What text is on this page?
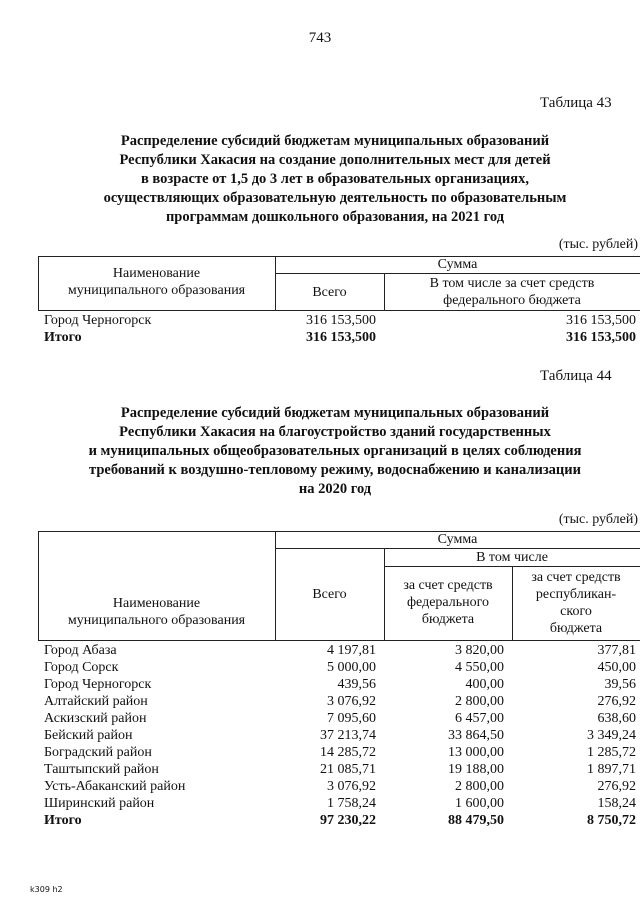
743
Таблица 43
Распределение субсидий бюджетам муниципальных образований
Республики Хакасия на создание дополнительных мест для детей
в возрасте от 1,5 до 3 лет в образовательных организациях,
осуществляющих образовательную деятельность по образовательным
программам дошкольного образования, на 2021 год
(тыс. рублей)
Наименование
муниципального образования
Сумма
Всего
В том числе за счет средств
федерального бюджета
Город Черногорск	316 153,500	316 153,500
Итого	316 153,500	316 153,500
Таблица 44
Распределение субсидий бюджетам муниципальных образований
Республики Хакасия на благоустройство зданий государственных
и муниципальных общеобразовательных организаций в целях соблюдения
требований к воздушно-тепловому режиму, водоснабжению и канализации
на 2020 год
(тыс. рублей)
Наименование
муниципального образования
Сумма
Всего
В том числе
за счет средств
федерального
бюджета
за счет средств
республикан-
ского
бюджета
Город Абаза	4 197,81	3 820,00	377,81
Город Сорск	5 000,00	4 550,00	450,00
Город Черногорск	439,56	400,00	39,56
Алтайский район	3 076,92	2 800,00	276,92
Аскизский район	7 095,60	6 457,00	638,60
Бейский район	37 213,74	33 864,50	3 349,24
Боградский район	14 285,72	13 000,00	1 285,72
Таштыпский район	21 085,71	19 188,00	1 897,71
Усть-Абаканский район	3 076,92	2 800,00	276,92
Ширинский район	1 758,24	1 600,00	158,24
Итого	97 230,22	88 479,50	8 750,72
k309 h2
